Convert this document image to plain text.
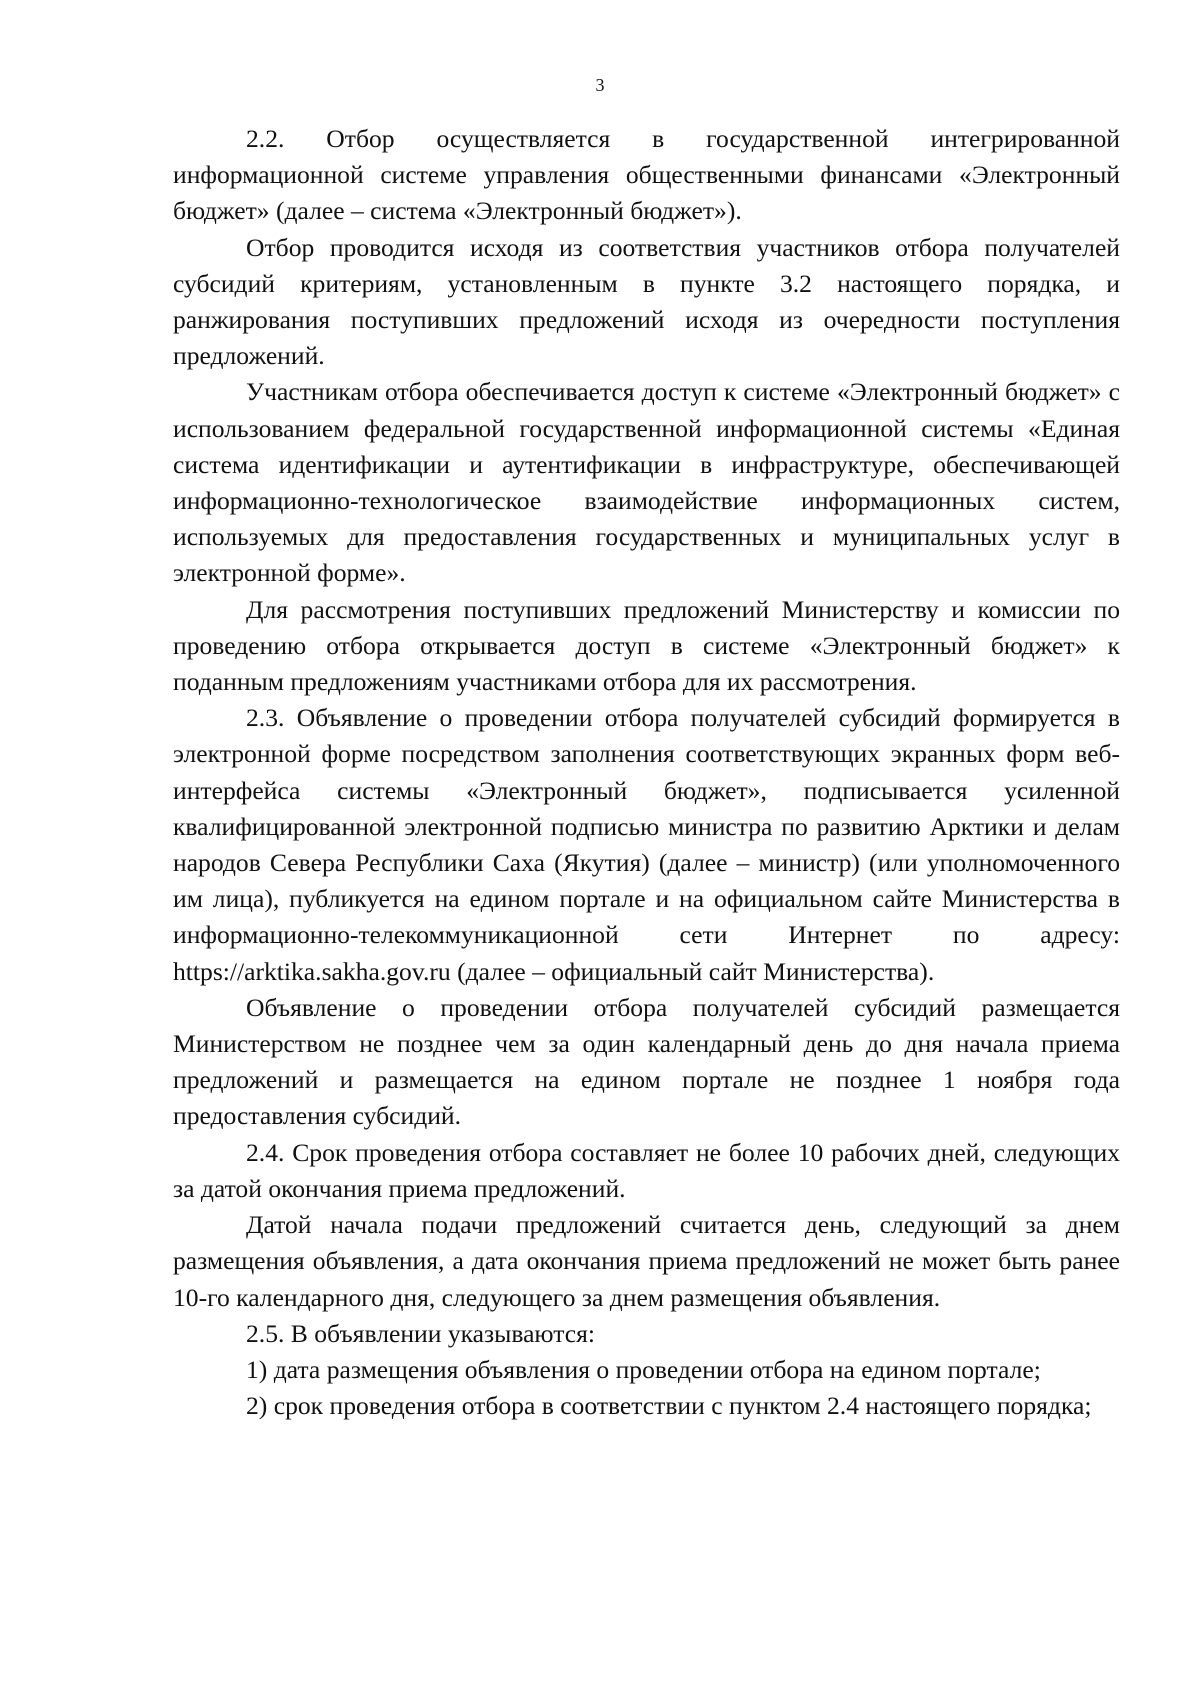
3

2.2. Отбор осуществляется в государственной интегрированной информационной системе управления общественными финансами «Электронный бюджет» (далее – система «Электронный бюджет»).

Отбор проводится исходя из соответствия участников отбора получателей субсидий критериям, установленным в пункте 3.2 настоящего порядка, и ранжирования поступивших предложений исходя из очередности поступления предложений.

Участникам отбора обеспечивается доступ к системе «Электронный бюджет» с использованием федеральной государственной информационной системы «Единая система идентификации и аутентификации в инфраструктуре, обеспечивающей информационно-технологическое взаимодействие информационных систем, используемых для предоставления государственных и муниципальных услуг в электронной форме».

Для рассмотрения поступивших предложений Министерству и комиссии по проведению отбора открывается доступ в системе «Электронный бюджет» к поданным предложениям участниками отбора для их рассмотрения.

2.3. Объявление о проведении отбора получателей субсидий формируется в электронной форме посредством заполнения соответствующих экранных форм веб-интерфейса системы «Электронный бюджет», подписывается усиленной квалифицированной электронной подписью министра по развитию Арктики и делам народов Севера Республики Саха (Якутия) (далее – министр) (или уполномоченного им лица), публикуется на едином портале и на официальном сайте Министерства в информационно-телекоммуникационной сети Интернет по адресу: https://arktika.sakha.gov.ru (далее – официальный сайт Министерства).

Объявление о проведении отбора получателей субсидий размещается Министерством не позднее чем за один календарный день до дня начала приема предложений и размещается на едином портале не позднее 1 ноября года предоставления субсидий.

2.4. Срок проведения отбора составляет не более 10 рабочих дней, следующих за датой окончания приема предложений.

Датой начала подачи предложений считается день, следующий за днем размещения объявления, а дата окончания приема предложений не может быть ранее 10-го календарного дня, следующего за днем размещения объявления.

2.5. В объявлении указываются:

1) дата размещения объявления о проведении отбора на едином портале;

2) срок проведения отбора в соответствии с пунктом 2.4 настоящего порядка;
